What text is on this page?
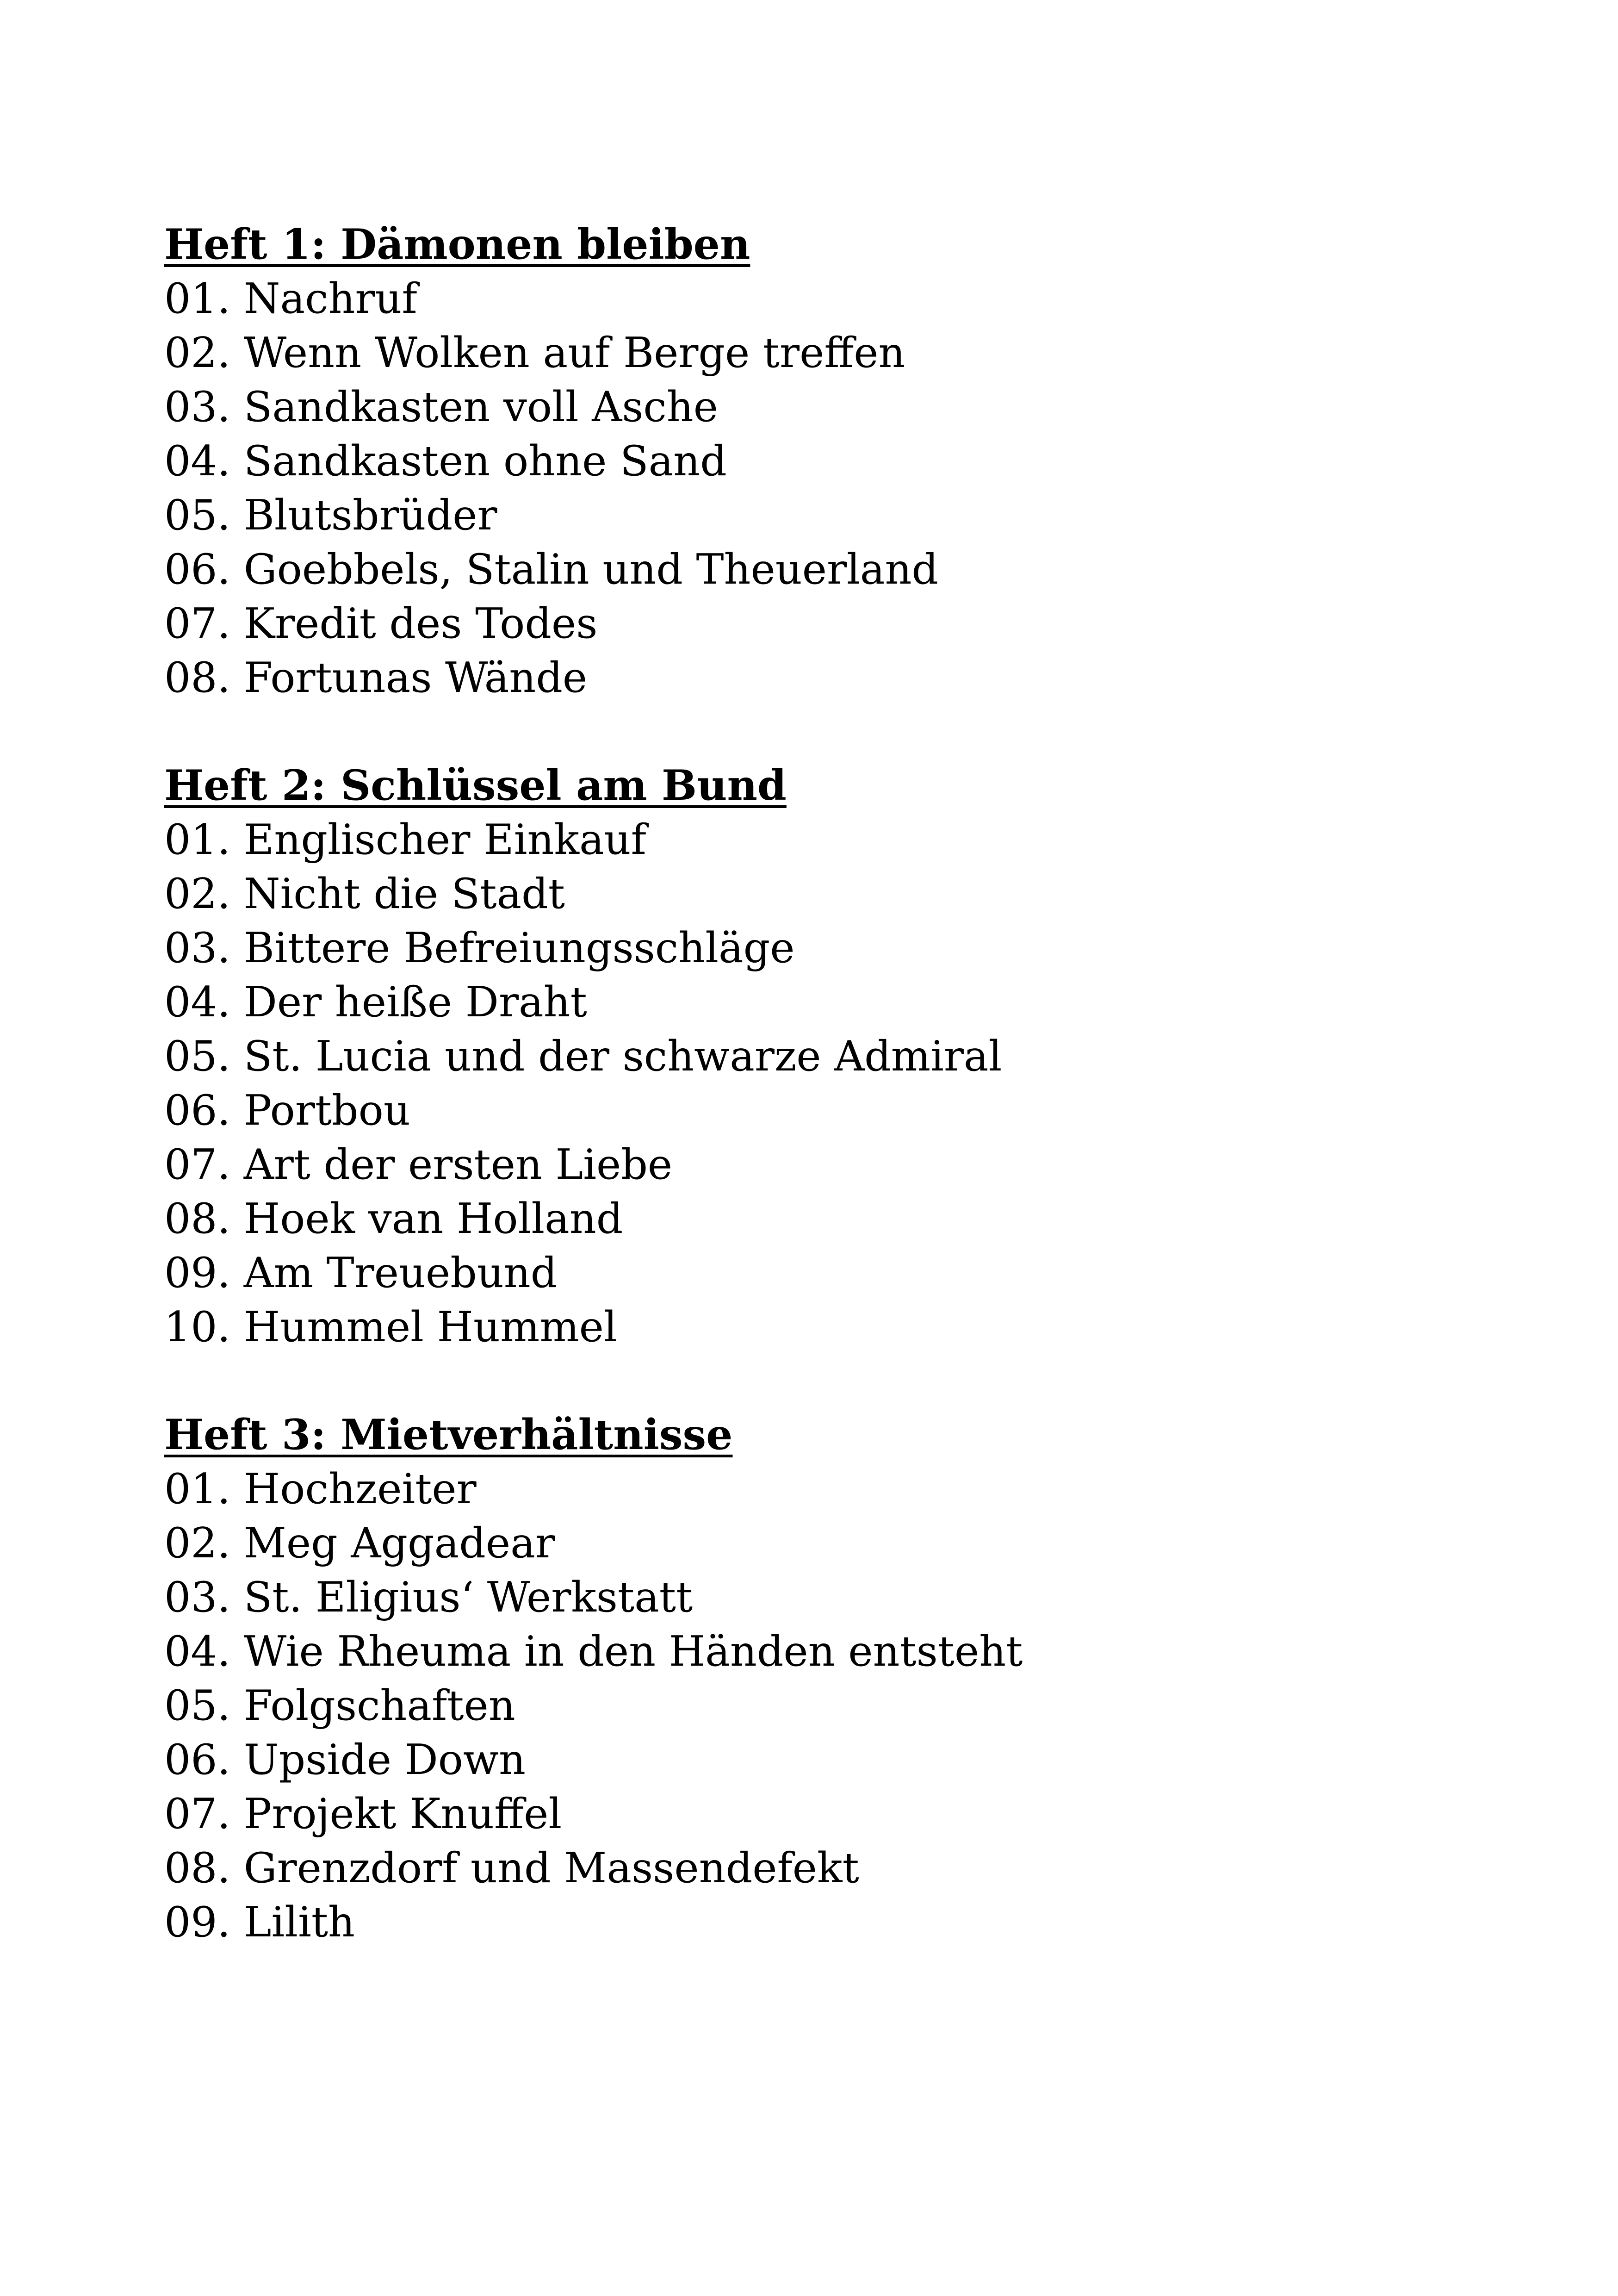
Heft 1: Dämonen bleiben
01. Nachruf
02. Wenn Wolken auf Berge treffen
03. Sandkasten voll Asche
04. Sandkasten ohne Sand
05. Blutsbrüder
06. Goebbels, Stalin und Theuerland
07. Kredit des Todes
08. Fortunas Wände
Heft 2: Schlüssel am Bund
01. Englischer Einkauf
02. Nicht die Stadt
03. Bittere Befreiungsschläge
04. Der heiße Draht
05. St. Lucia und der schwarze Admiral
06. Portbou
07. Art der ersten Liebe
08. Hoek van Holland
09. Am Treuebund
10. Hummel Hummel
Heft 3: Mietverhältnisse
01. Hochzeiter
02. Meg Aggadear
03. St. Eligius‘ Werkstatt
04. Wie Rheuma in den Händen entsteht
05. Folgschaften
06. Upside Down
07. Projekt Knuffel
08. Grenzdorf und Massendefekt
09. Lilith
